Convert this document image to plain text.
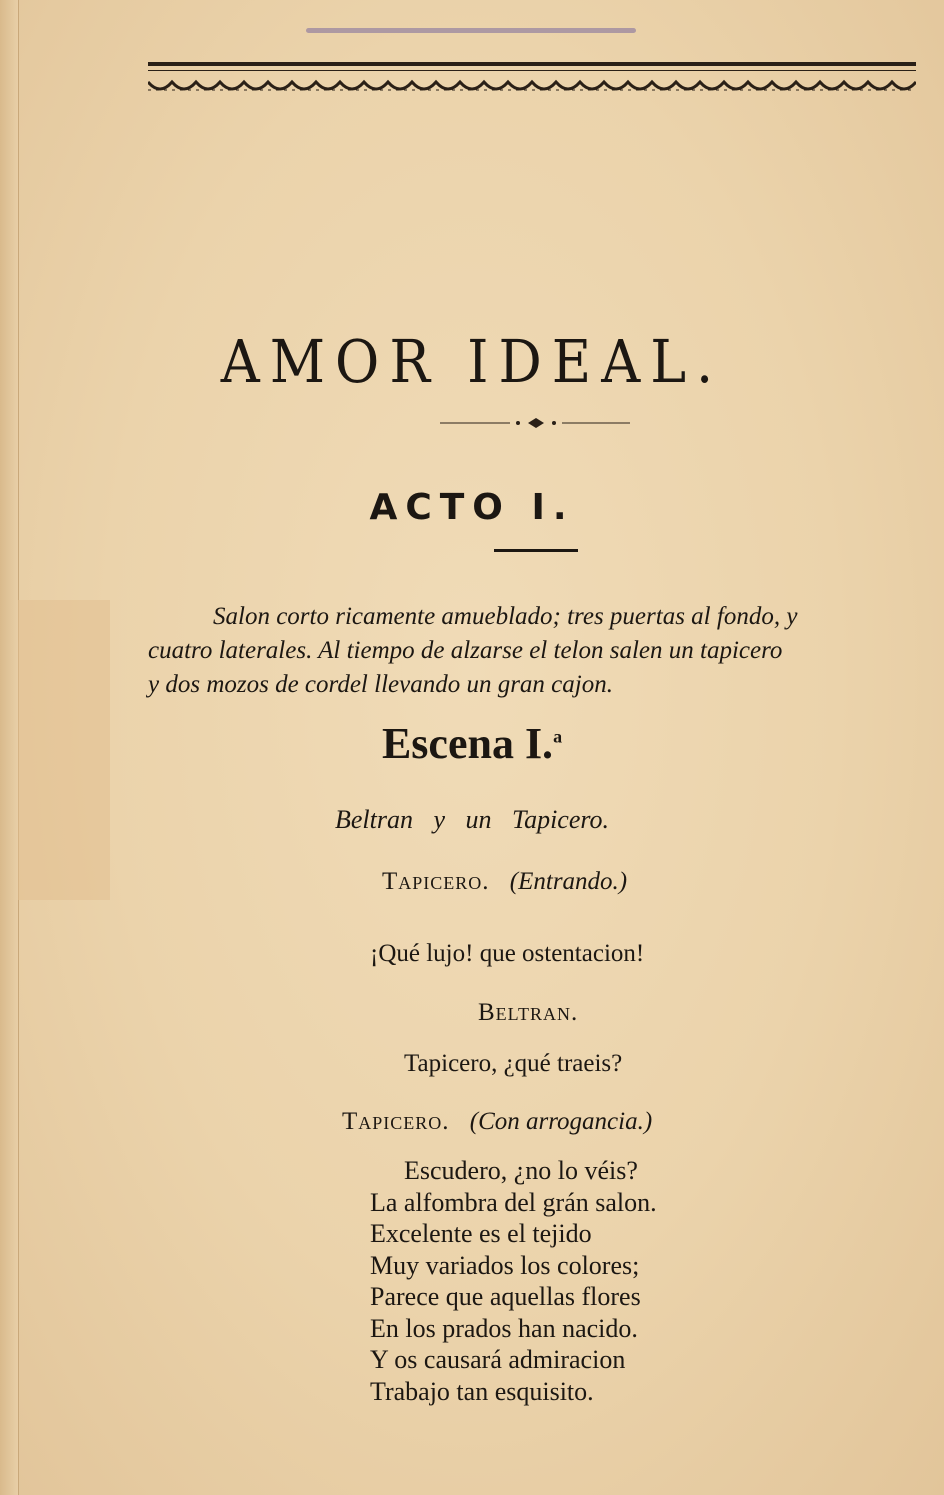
AMOR IDEAL.
ACTO I.

Salon corto ricamente amueblado; tres puertas al fondo, y
cuatro laterales. Al tiempo de alzarse el telon salen un tapicero
y dos mozos de cordel llevando un gran cajon.

Escena I.$^a$
Beltran y un Tapicero.
Tapicero. (Entrando.)
¡Qué lujo! que ostentacion!
Beltran.
Tapicero, ¿qué traeis?
Tapicero. (Con arrogancia.)
Escudero, ¿no lo véis?
La alfombra del grán salon.
Excelente es el tejido
Muy variados los colores;
Parece que aquellas flores
En los prados han nacido.
Y os causará admiracion
Trabajo tan esquisito.
